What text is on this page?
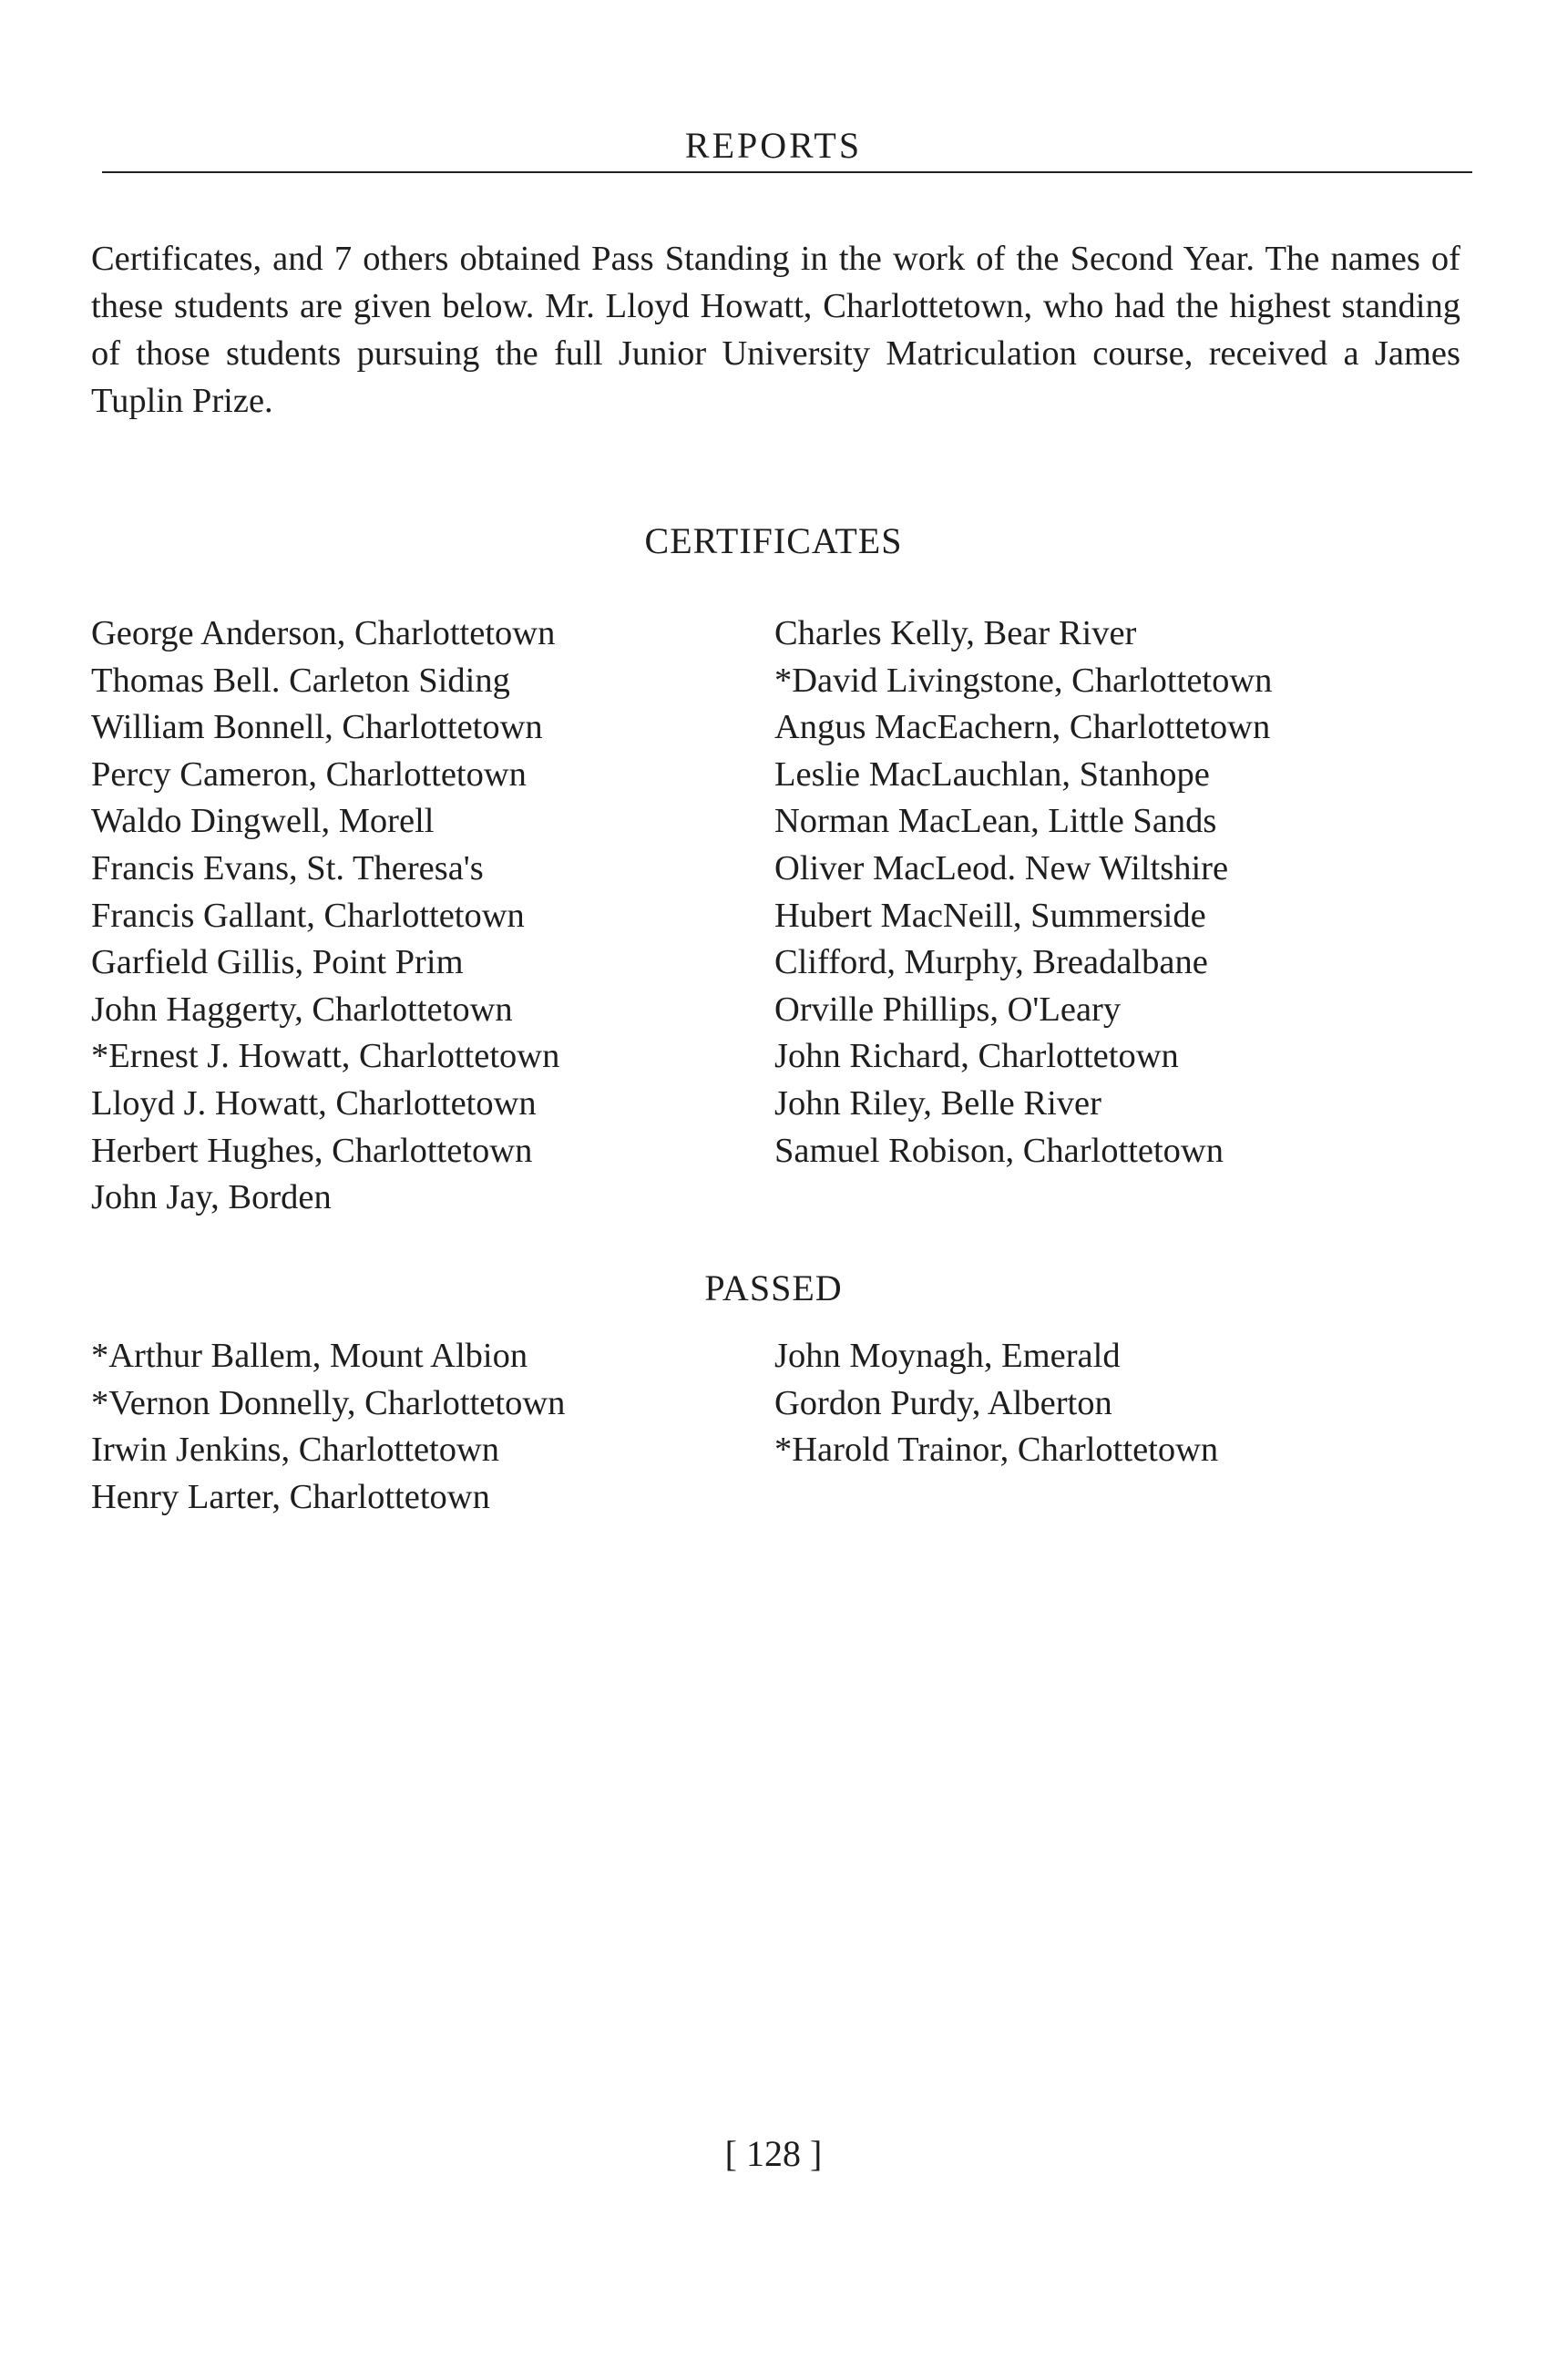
REPORTS

Certificates, and 7 others obtained Pass Standing in the work of the Second Year. The names of these students are given below. Mr. Lloyd Howatt, Charlottetown, who had the highest standing of those students pursuing the full Junior University Matriculation course, received a James Tuplin Prize.

CERTIFICATES
George Anderson, Charlottetown
Thomas Bell. Carleton Siding
William Bonnell, Charlottetown
Percy Cameron, Charlottetown
Waldo Dingwell, Morell
Francis Evans, St. Theresa's
Francis Gallant, Charlottetown
Garfield Gillis, Point Prim
John Haggerty, Charlottetown
*Ernest J. Howatt, Charlottetown
Lloyd J. Howatt, Charlottetown
Herbert Hughes, Charlottetown
John Jay, Borden
Charles Kelly, Bear River
*David Livingstone, Charlottetown
Angus MacEachern, Charlottetown
Leslie MacLauchlan, Stanhope
Norman MacLean, Little Sands
Oliver MacLeod. New Wiltshire
Hubert MacNeill, Summerside
Clifford, Murphy, Breadalbane
Orville Phillips, O'Leary
John Richard, Charlottetown
John Riley, Belle River
Samuel Robison, Charlottetown
PASSED
*Arthur Ballem, Mount Albion
*Vernon Donnelly, Charlottetown
Irwin Jenkins, Charlottetown
Henry Larter, Charlottetown
John Moynagh, Emerald
Gordon Purdy, Alberton
*Harold Trainor, Charlottetown
[ 128 ]
